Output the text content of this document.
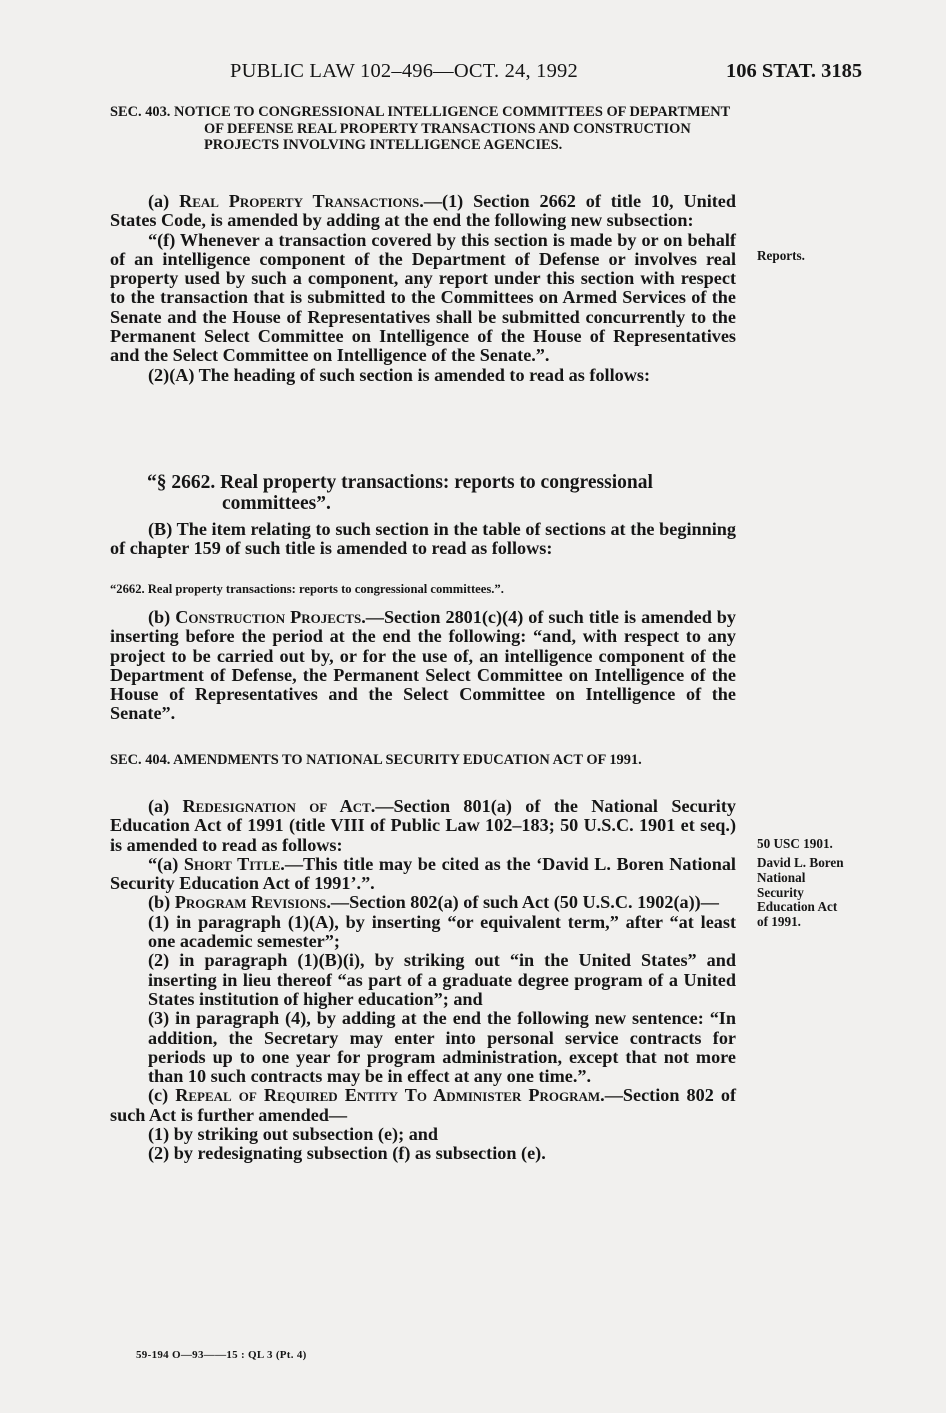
PUBLIC LAW 102–496—OCT. 24, 1992	106 STAT. 3185

SEC. 403. NOTICE TO CONGRESSIONAL INTELLIGENCE COMMITTEES OF DEPARTMENT OF DEFENSE REAL PROPERTY TRANSACTIONS AND CONSTRUCTION PROJECTS INVOLVING INTELLIGENCE AGENCIES.

(a) Real Property Transactions.—(1) Section 2662 of title 10, United States Code, is amended by adding at the end the following new subsection:

“(f) Whenever a transaction covered by this section is made by or on behalf of an intelligence component of the Department of Defense or involves real property used by such a component, any report under this section with respect to the transaction that is submitted to the Committees on Armed Services of the Senate and the House of Representatives shall be submitted concurrently to the Permanent Select Committee on Intelligence of the House of Representatives and the Select Committee on Intelligence of the Senate.”.

(2)(A) The heading of such section is amended to read as follows:

“§ 2662. Real property transactions: reports to congressional committees”.

(B) The item relating to such section in the table of sections at the beginning of chapter 159 of such title is amended to read as follows:

“2662. Real property transactions: reports to congressional committees.”.

(b) Construction Projects.—Section 2801(c)(4) of such title is amended by inserting before the period at the end the following: “and, with respect to any project to be carried out by, or for the use of, an intelligence component of the Department of Defense, the Permanent Select Committee on Intelligence of the House of Representatives and the Select Committee on Intelligence of the Senate”.

SEC. 404. AMENDMENTS TO NATIONAL SECURITY EDUCATION ACT OF 1991.

(a) Redesignation of Act.—Section 801(a) of the National Security Education Act of 1991 (title VIII of Public Law 102–183; 50 U.S.C. 1901 et seq.) is amended to read as follows:

“(a) Short Title.—This title may be cited as the ‘David L. Boren National Security Education Act of 1991’.”.

(b) Program Revisions.—Section 802(a) of such Act (50 U.S.C. 1902(a))—

(1) in paragraph (1)(A), by inserting “or equivalent term,” after “at least one academic semester”;

(2) in paragraph (1)(B)(i), by striking out “in the United States” and inserting in lieu thereof “as part of a graduate degree program of a United States institution of higher education”; and

(3) in paragraph (4), by adding at the end the following new sentence: “In addition, the Secretary may enter into personal service contracts for periods up to one year for program administration, except that not more than 10 such contracts may be in effect at any one time.”.

(c) Repeal of Required Entity To Administer Program.—Section 802 of such Act is further amended—

(1) by striking out subsection (e); and

(2) by redesignating subsection (f) as subsection (e).

Reports.
50 USC 1901.
David L. Boren
National
Security
Education Act
of 1991.
59-194 O—93——15 : QL 3 (Pt. 4)
